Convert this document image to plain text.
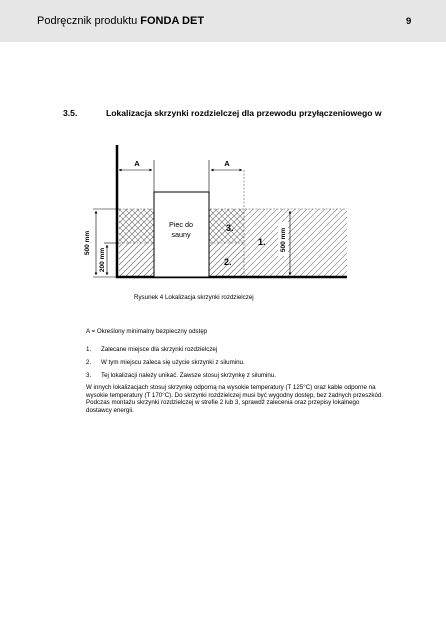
Podręcznik produktu FONDA DET	9
3.5.	Lokalizacja skrzynki rozdzielczej dla przewodu przyłączeniowego w
Piec do
sauny
A	A
3.
2.
1.
500 mm
200 mm
500 mm
Rysunek 4 Lokalizacja skrzynki rozdzielczej
A = Określony minimalny bezpieczny odstęp
1. Zalecane miejsce dla skrzynki rozdzielczej
2. W tym miejscu zaleca się użycie skrzynki z siluminu.
3. Tej lokalizacji należy unikać. Zawsze stosuj skrzynkę z siluminu.
W innych lokalizacjach stosuj skrzynkę odporną na wysokie temperatury (T 125°C) oraz kable odporne na wysokie temperatury (T 170°C). Do skrzynki rozdzielczej musi być wygodny dostęp, bez żadnych przeszkód. Podczas montażu skrzynki rozdzielczej w strefie 2 lub 3, sprawdź zalecenia oraz przepisy lokalnego dostawcy energii.
